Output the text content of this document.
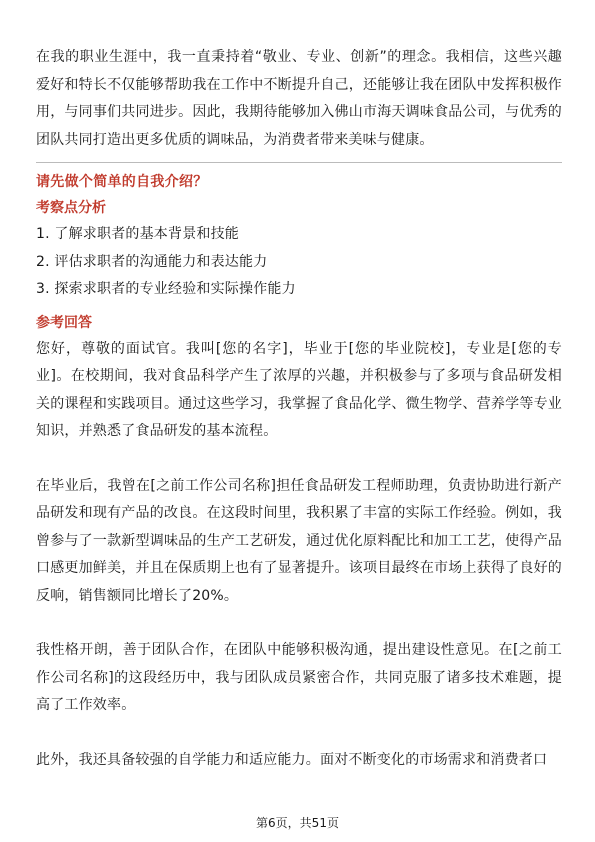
在我的职业生涯中，我一直秉持着“敬业、专业、创新”的理念。我相信，这些兴趣爱好和特长不仅能够帮助我在工作中不断提升自己，还能够让我在团队中发挥积极作用，与同事们共同进步。因此，我期待能够加入佛山市海天调味食品公司，与优秀的团队共同打造出更多优质的调味品，为消费者带来美味与健康。

请先做个简单的自我介绍？

考察点分析

1. 了解求职者的基本背景和技能

2. 评估求职者的沟通能力和表达能力

3. 探索求职者的专业经验和实际操作能力

参考回答

您好，尊敬的面试官。我叫[您的名字]，毕业于[您的毕业院校]，专业是[您的专业]。在校期间，我对食品科学产生了浓厚的兴趣，并积极参与了多项与食品研发相关的课程和实践项目。通过这些学习，我掌握了食品化学、微生物学、营养学等专业知识，并熟悉了食品研发的基本流程。

在毕业后，我曾在[之前工作公司名称]担任食品研发工程师助理，负责协助进行新产品研发和现有产品的改良。在这段时间里，我积累了丰富的实际工作经验。例如，我曾参与了一款新型调味品的生产工艺研发，通过优化原料配比和加工工艺，使得产品口感更加鲜美，并且在保质期上也有了显著提升。该项目最终在市场上获得了良好的反响，销售额同比增长了20%。

我性格开朗，善于团队合作，在团队中能够积极沟通，提出建设性意见。在[之前工作公司名称]的这段经历中，我与团队成员紧密合作，共同克服了诸多技术难题，提高了工作效率。

此外，我还具备较强的自学能力和适应能力。面对不断变化的市场需求和消费者口

第6页，共51页
